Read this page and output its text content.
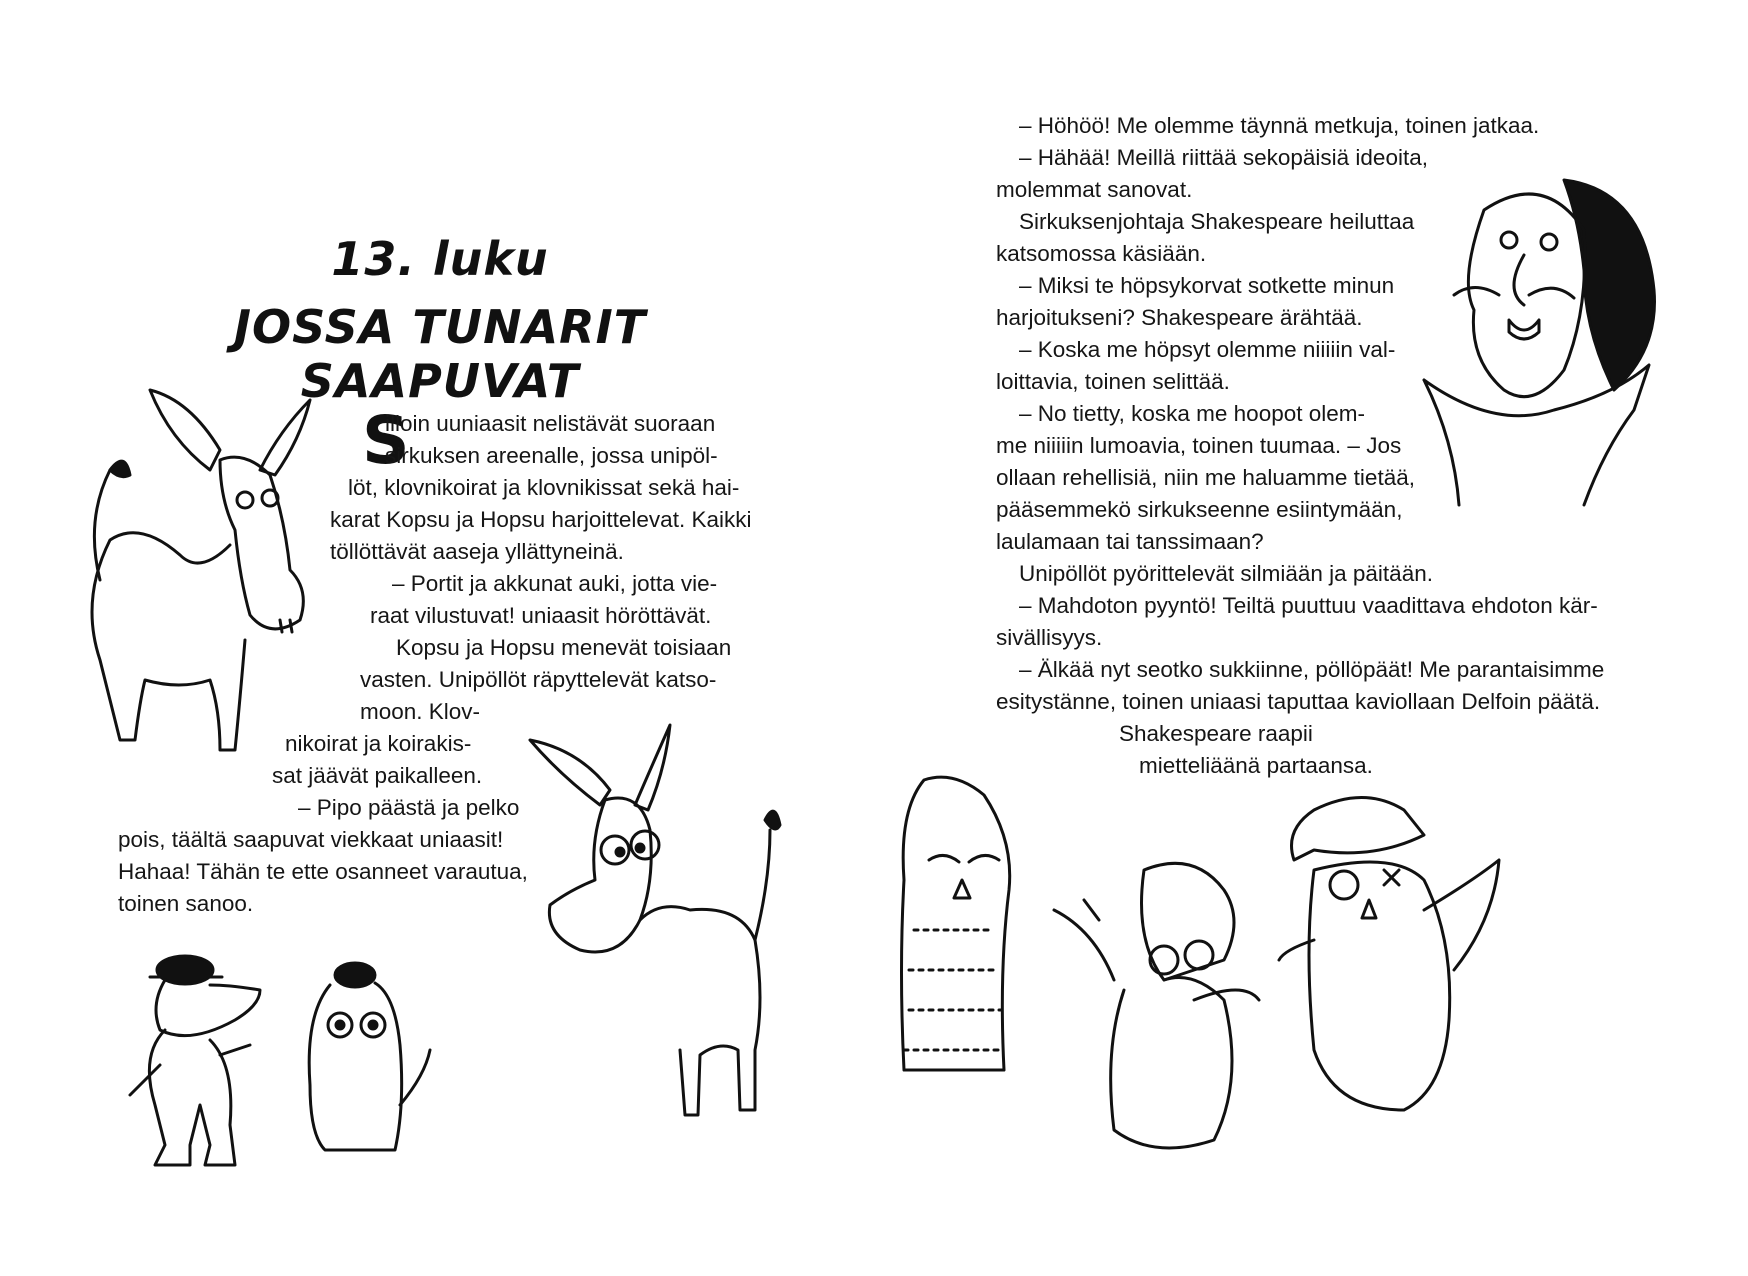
13. luku
JOSSA TUNARIT SAAPUVAT
S
illoin uuniaasit nelistävät suoraan
sirkuksen areenalle, jossa unipöl-
löt, klovnikoirat ja klovnikissat sekä hai-
karat Kopsu ja Hopsu harjoittelevat. Kaikki
töllöttävät aaseja yllättyneinä.
– Portit ja akkunat auki, jotta vie-
raat vilustuvat! uniaasit höröttävät.
Kopsu ja Hopsu menevät toisiaan
vasten. Unipöllöt räpyttelevät katso-
moon. Klov-
nikoirat ja koirakis-
sat jäävät paikalleen.
– Pipo päästä ja pelko
pois, täältä saapuvat viekkaat uniaasit!
Hahaa! Tähän te ette osanneet varautua,
toinen sanoo.
– Höhöö! Me olemme täynnä metkuja, toinen jatkaa.
– Hähää! Meillä riittää sekopäisiä ideoita,
molemmat sanovat.
Sirkuksenjohtaja Shakespeare heiluttaa
katsomossa käsiään.
– Miksi te höpsykorvat sotkette minun
harjoitukseni? Shakespeare ärähtää.
– Koska me höpsyt olemme niiiiin val-
loittavia, toinen selittää.
– No tietty, koska me hoopot olem-
me niiiiin lumoavia, toinen tuumaa. – Jos
ollaan rehellisiä, niin me haluamme tietää,
pääsemmekö sirkukseenne esiintymään,
laulamaan tai tanssimaan?
Unipöllöt pyörittelevät silmiään ja päitään.
– Mahdoton pyyntö! Teiltä puuttuu vaadittava ehdoton kär-
sivällisyys.
– Älkää nyt seotko sukkiinne, pöllöpäät! Me parantaisimme
esitystänne, toinen uniaasi taputtaa kaviollaan Delfoin päätä.
Shakespeare raapii
mietteliäänä partaansa.
